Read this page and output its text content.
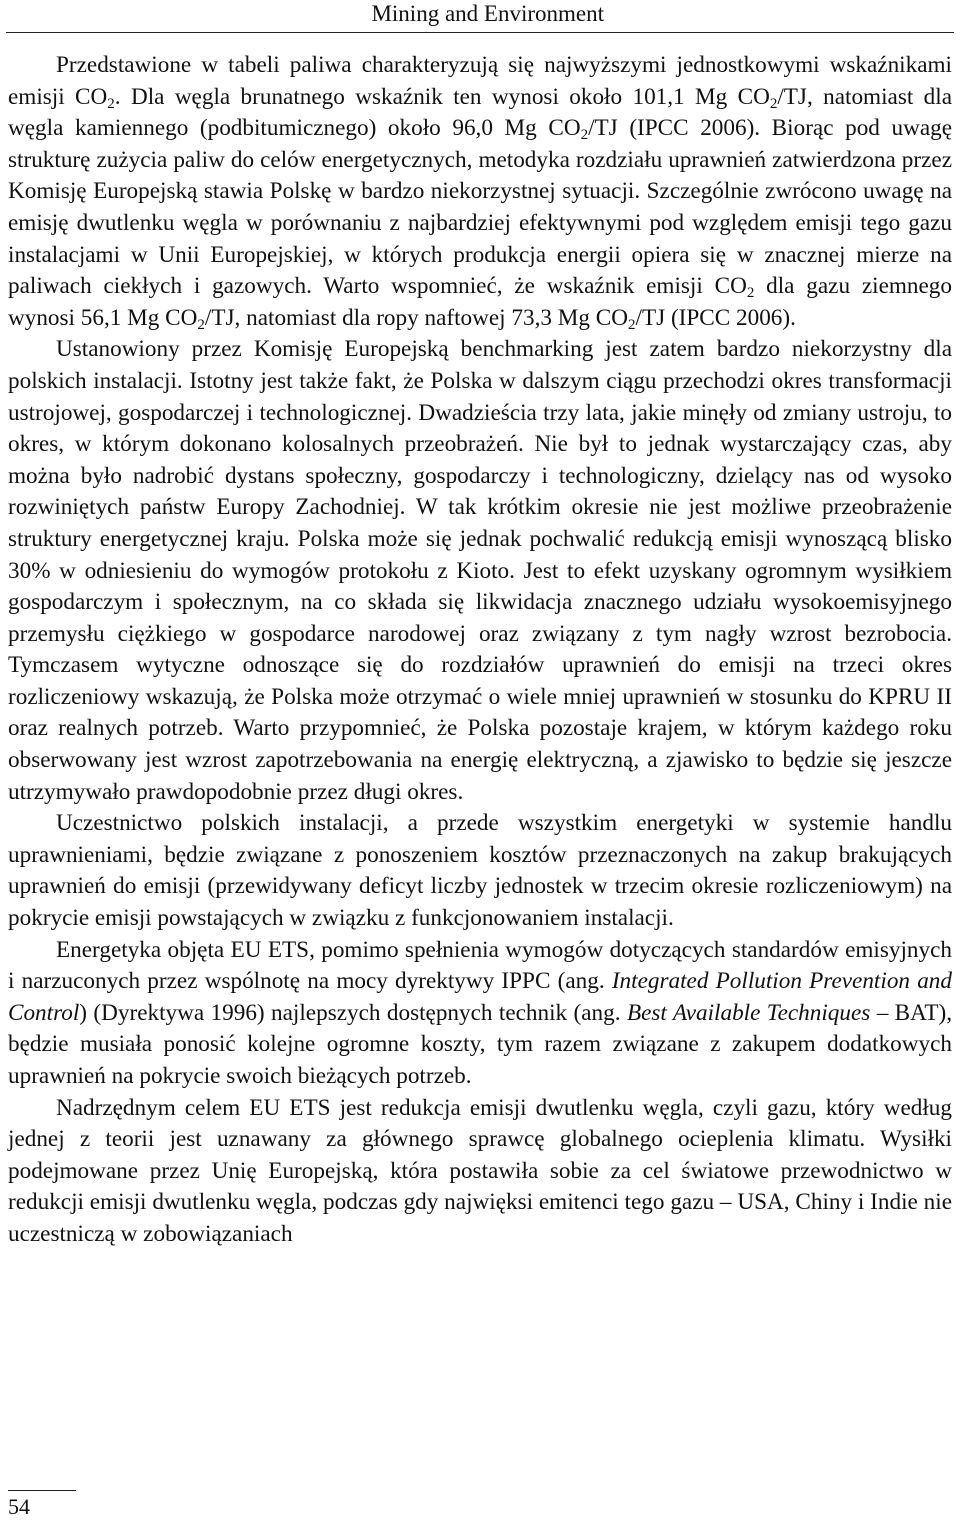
Mining and Environment

Przedstawione w tabeli paliwa charakteryzują się najwyższymi jednostkowymi wskaźnikami emisji $CO_2$. Dla węgla brunatnego wskaźnik ten wynosi około 101,1 Mg $CO_2/TJ$, natomiast dla węgla kamiennego (podbitumicznego) około 96,0 Mg $CO_2/TJ$ (IPCC 2006). Biorąc pod uwagę strukturę zużycia paliw do celów energetycznych, metodyka rozdziału uprawnień zatwierdzona przez Komisję Europejską stawia Polskę w bardzo niekorzystnej sytuacji. Szczególnie zwrócono uwagę na emisję dwutlenku węgla w porównaniu z najbardziej efektywnymi pod względem emisji tego gazu instalacjami w Unii Europejskiej, w których produkcja energii opiera się w znacznej mierze na paliwach ciekłych i gazowych. Warto wspomnieć, że wskaźnik emisji $CO_2$ dla gazu ziemnego wynosi 56,1 Mg $CO_2/TJ$, natomiast dla ropy naftowej 73,3 Mg $CO_2/TJ$ (IPCC 2006).

Ustanowiony przez Komisję Europejską benchmarking jest zatem bardzo niekorzystny dla polskich instalacji. Istotny jest także fakt, że Polska w dalszym ciągu przechodzi okres transformacji ustrojowej, gospodarczej i technologicznej. Dwadzieścia trzy lata, jakie minęły od zmiany ustroju, to okres, w którym dokonano kolosalnych przeobrażeń. Nie był to jednak wystarczający czas, aby można było nadrobić dystans społeczny, gospodarczy i technologiczny, dzielący nas od wysoko rozwiniętych państw Europy Zachodniej. W tak krótkim okresie nie jest możliwe przeobrażenie struktury energetycznej kraju. Polska może się jednak pochwalić redukcją emisji wynoszącą blisko 30% w odniesieniu do wymogów protokołu z Kioto. Jest to efekt uzyskany ogromnym wysiłkiem gospodarczym i społecznym, na co składa się likwidacja znacznego udziału wysokoemisyjnego przemysłu ciężkiego w gospodarce narodowej oraz związany z tym nagły wzrost bezrobocia. Tymczasem wytyczne odnoszące się do rozdziałów uprawnień do emisji na trzeci okres rozliczeniowy wskazują, że Polska może otrzymać o wiele mniej uprawnień w stosunku do KPRU II oraz realnych potrzeb. Warto przypomnieć, że Polska pozostaje krajem, w którym każdego roku obserwowany jest wzrost zapotrzebowania na energię elektryczną, a zjawisko to będzie się jeszcze utrzymywało prawdopodobnie przez długi okres.

Uczestnictwo polskich instalacji, a przede wszystkim energetyki w systemie handlu uprawnieniami, będzie związane z ponoszeniem kosztów przeznaczonych na zakup brakujących uprawnień do emisji (przewidywany deficyt liczby jednostek w trzecim okresie rozliczeniowym) na pokrycie emisji powstających w związku z funkcjonowaniem instalacji.

Energetyka objęta EU ETS, pomimo spełnienia wymogów dotyczących standardów emisyjnych i narzuconych przez wspólnotę na mocy dyrektywy IPPC (ang. Integrated Pollution Prevention and Control) (Dyrektywa 1996) najlepszych dostępnych technik (ang. Best Available Techniques – BAT), będzie musiała ponosić kolejne ogromne koszty, tym razem związane z zakupem dodatkowych uprawnień na pokrycie swoich bieżących potrzeb.

Nadrzędnym celem EU ETS jest redukcja emisji dwutlenku węgla, czyli gazu, który według jednej z teorii jest uznawany za głównego sprawcę globalnego ocieplenia klimatu. Wysiłki podejmowane przez Unię Europejską, która postawiła sobie za cel światowe przewodnictwo w redukcji emisji dwutlenku węgla, podczas gdy najwięksi emitenci tego gazu – USA, Chiny i Indie nie uczestniczą w zobowiązaniach

54
